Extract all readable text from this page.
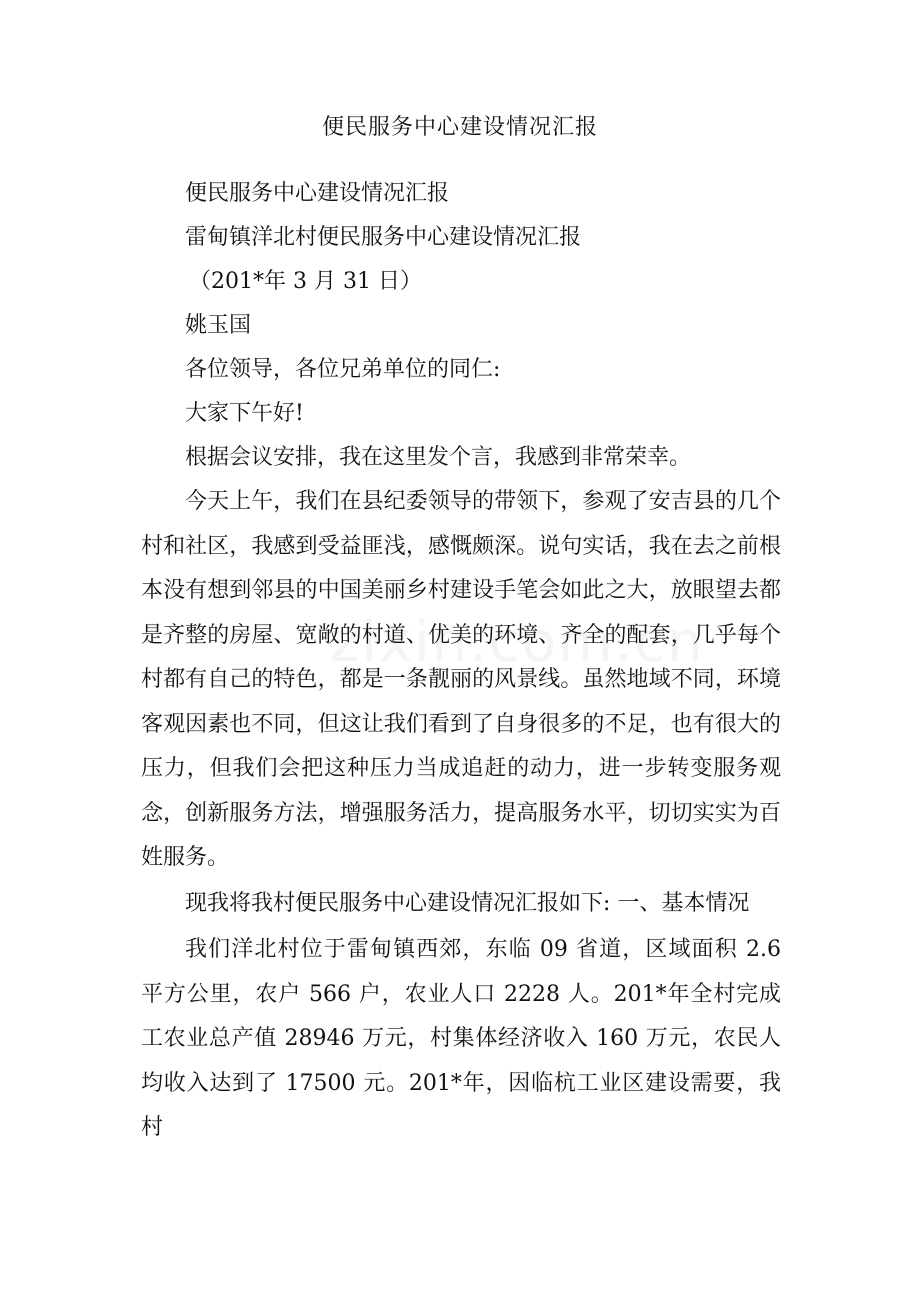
便民服务中心建设情况汇报

便民服务中心建设情况汇报

雷甸镇洋北村便民服务中心建设情况汇报

（201*年 3 月 31 日）

姚玉国

各位领导，各位兄弟单位的同仁:

大家下午好!

根据会议安排，我在这里发个言，我感到非常荣幸。

今天上午，我们在县纪委领导的带领下，参观了安吉县的几个村和社区，我感到受益匪浅，感慨颇深。说句实话，我在去之前根本没有想到邻县的中国美丽乡村建设手笔会如此之大，放眼望去都是齐整的房屋、宽敞的村道、优美的环境、齐全的配套，几乎每个村都有自己的特色，都是一条靓丽的风景线。虽然地域不同，环境客观因素也不同，但这让我们看到了自身很多的不足，也有很大的压力，但我们会把这种压力当成追赶的动力，进一步转变服务观念，创新服务方法，增强服务活力，提高服务水平，切切实实为百姓服务。

现我将我村便民服务中心建设情况汇报如下: 一、基本情况

我们洋北村位于雷甸镇西郊，东临 09 省道，区域面积 2.6 平方公里，农户 566 户，农业人口 2228 人。201*年全村完成工农业总产值 28946 万元，村集体经济收入 160 万元，农民人均收入达到了 17500 元。201*年，因临杭工业区建设需要，我村
